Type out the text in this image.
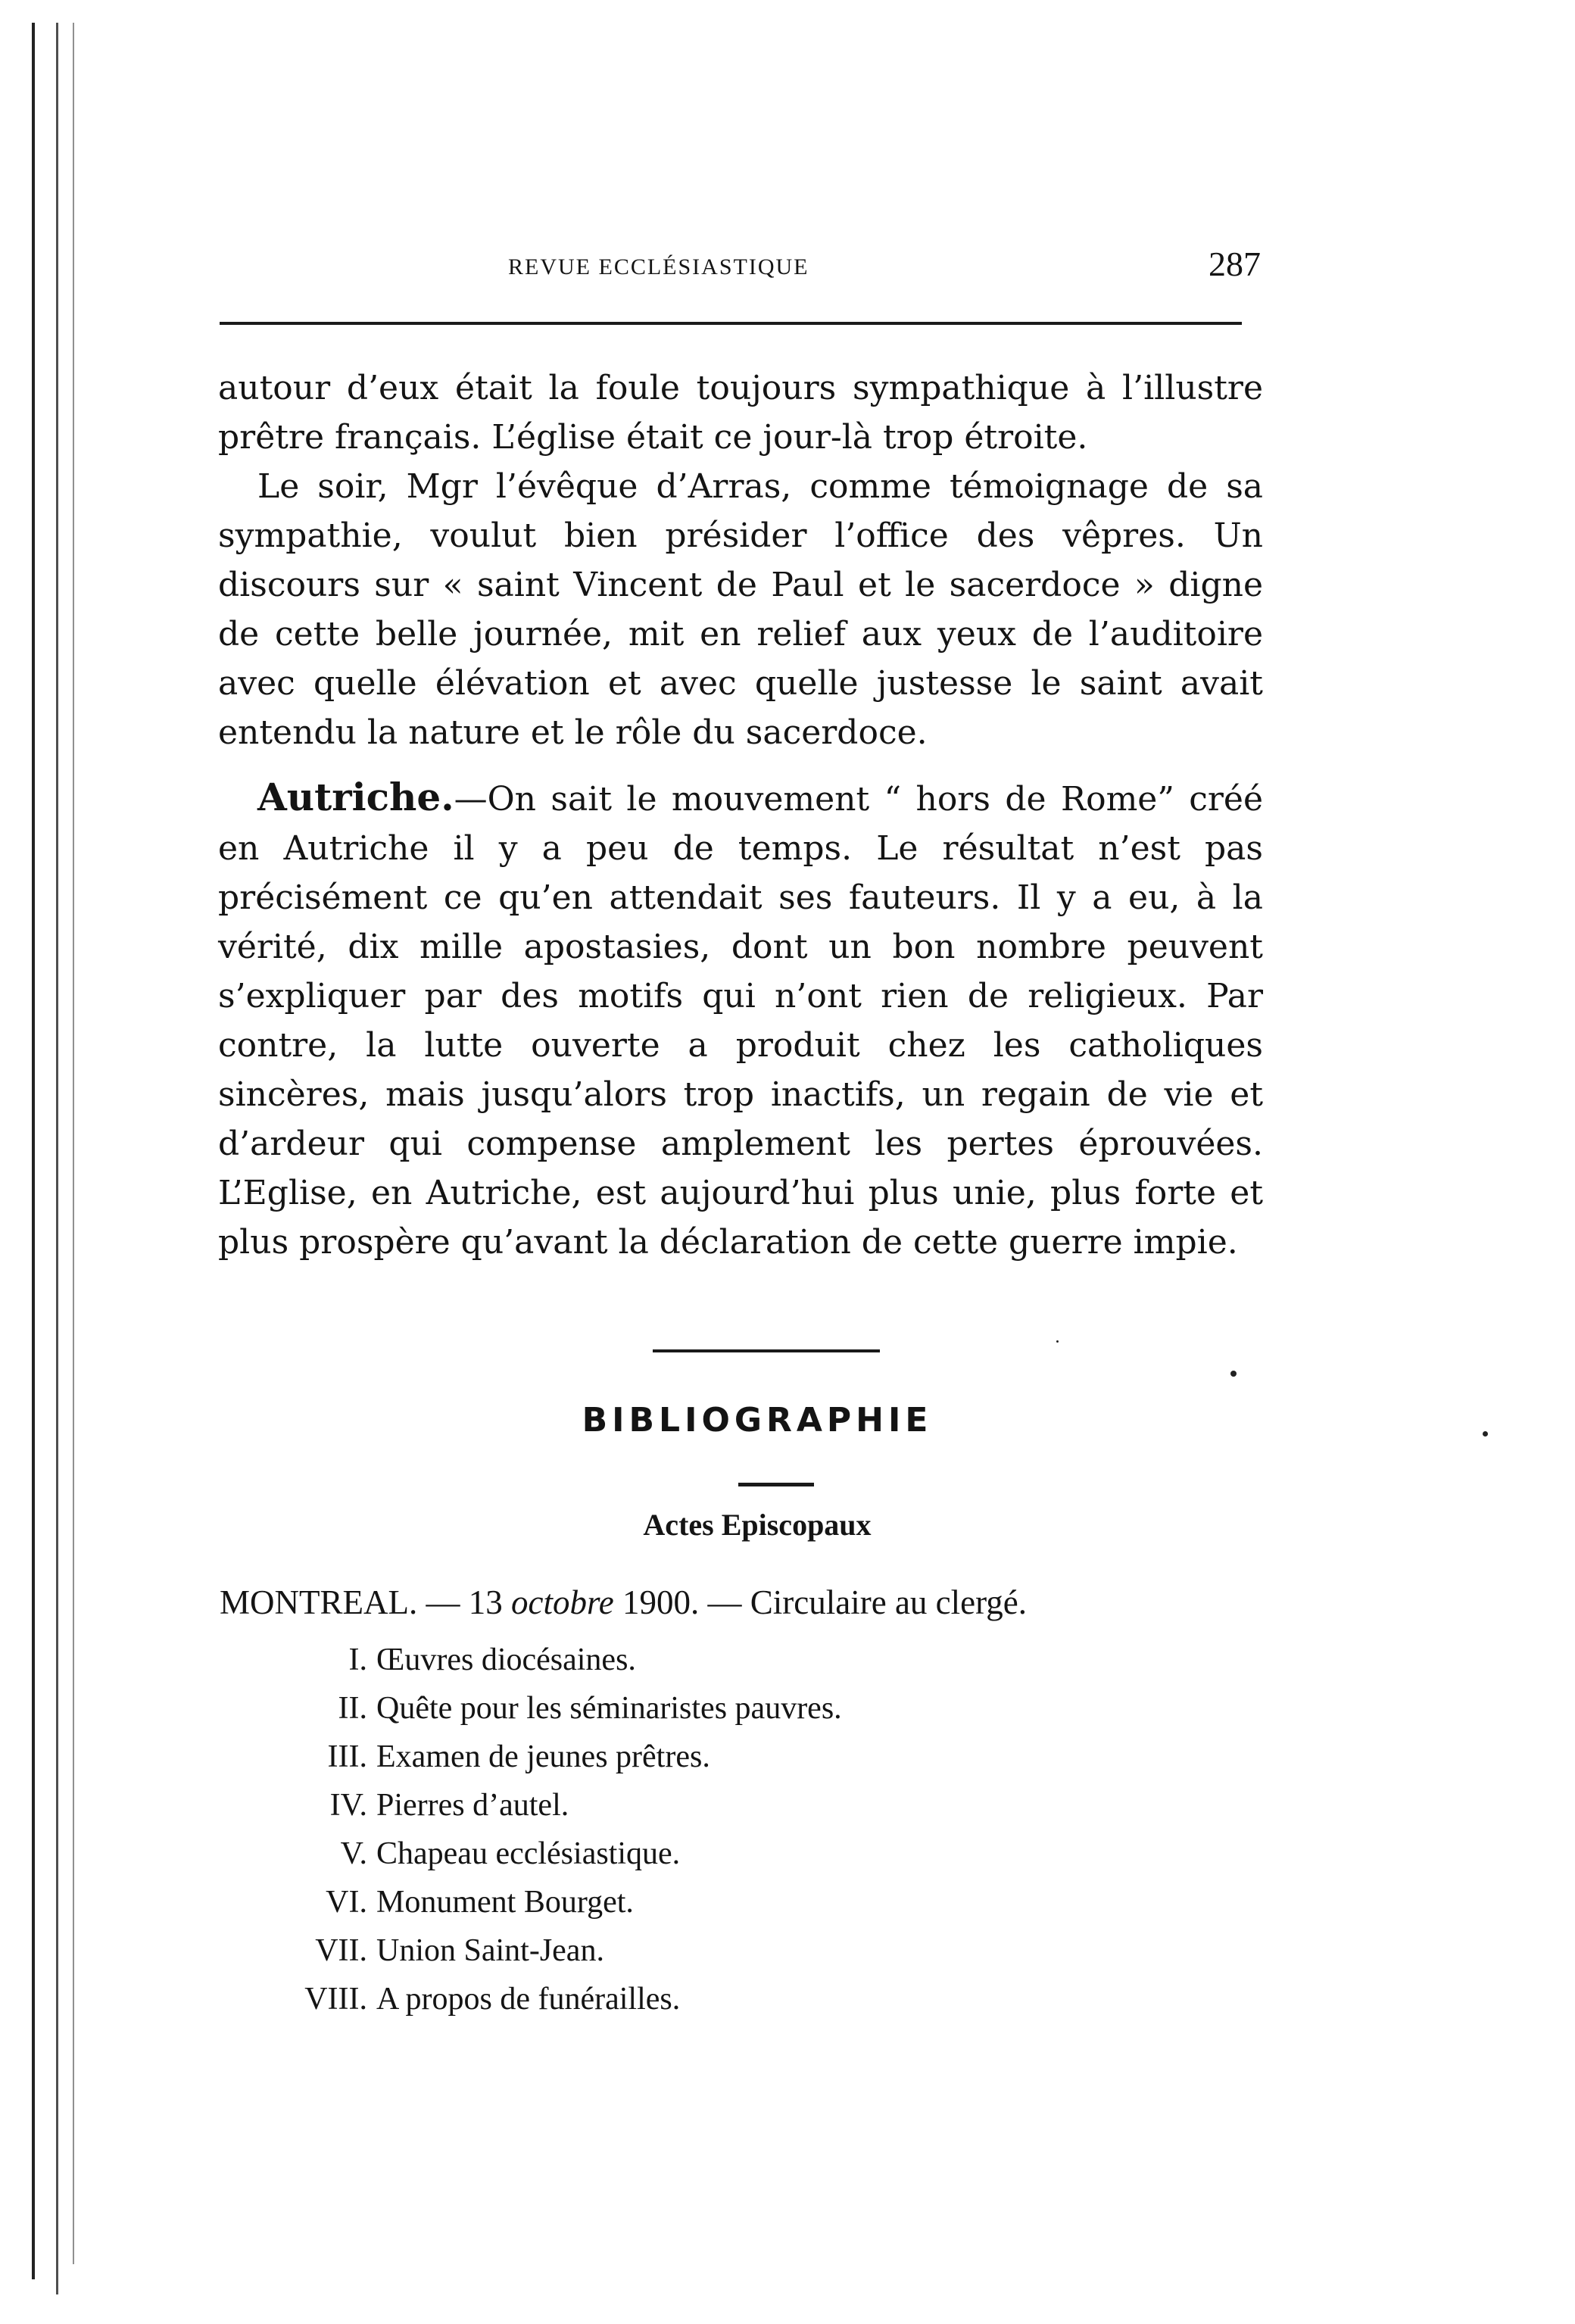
REVUE ECCLÉSIASTIQUE	287

autour d’eux était la foule toujours sympathique à l’illustre prêtre français. L’église était ce jour-là trop étroite.

Le soir, Mgr l’évêque d’Arras, comme témoignage de sa sympathie, voulut bien présider l’office des vêpres. Un discours sur « saint Vincent de Paul et le sacerdoce » digne de cette belle journée, mit en relief aux yeux de l’auditoire avec quelle élévation et avec quelle justesse le saint avait entendu la nature et le rôle du sacerdoce.

Autriche.—On sait le mouvement “ hors de Rome” créé en Autriche il y a peu de temps. Le résultat n’est pas précisément ce qu’en attendait ses fauteurs. Il y a eu, à la vérité, dix mille apostasies, dont un bon nombre peuvent s’expliquer par des motifs qui n’ont rien de religieux. Par contre, la lutte ouverte a produit chez les catholiques sincères, mais jusqu’alors trop inactifs, un regain de vie et d’ardeur qui compense amplement les pertes éprouvées. L’Eglise, en Autriche, est aujourd’hui plus unie, plus forte et plus prospère qu’avant la déclaration de cette guerre impie.

BIBLIOGRAPHIE
Actes Episcopaux
MONTREAL. — 13 octobre 1900. — Circulaire au clergé.
I. Œuvres diocésaines.
II. Quête pour les séminaristes pauvres.
III. Examen de jeunes prêtres.
IV. Pierres d’autel.
V. Chapeau ecclésiastique.
VI. Monument Bourget.
VII. Union Saint-Jean.
VIII. A propos de funérailles.
